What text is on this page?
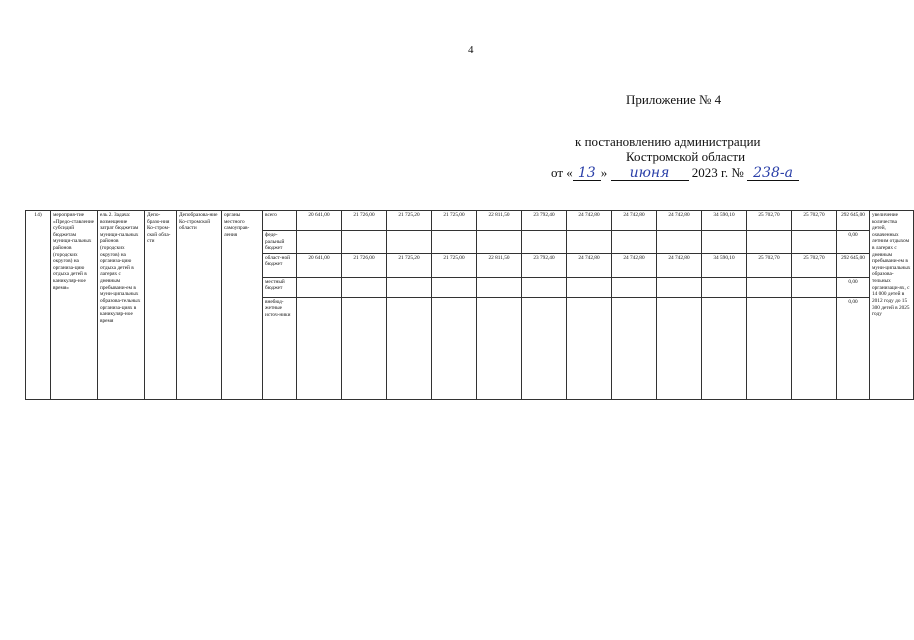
4
Приложение № 4
к постановлению администрации
Костромской области
от « 13 » июня 2023 г. № 238-а
14)	мероприя-тие «Предо-ставление субсидий бюджетам муници-пальных районов (городских округов) на организа-цию отдыха детей в каникуляр-ное время»	ель 2. Задача: возмещение затрат бюджетам муници-пальных районов (городских округов) на организа-цию отдыха детей в лагерях с дневным пребывани-ем в муни-ципальных образова-тельных организа-циях в каникуляр-ное время	Депо-бразо-ния Ко-стром-ской обла-сти	Депобразова-ние Ко-стромской области	органы местного самоуправ-ления	всего	20 641,00	21 726,00	21 725,20	21 725,00	22 811,50	23 792,40	24 742,80	24 742,80	24 742,80	34 590,10	25 702,70	25 702,70	292 645,00	увеличение количества детей, охваченных летним отдыхом в лагерях с дневным пребывани-ем в муни-ципальных образова-тельных организаци-ях, с 14 000 детей в 2012 году до 15 300 детей в 2025 году
						феде-ральный бюджет													0,00	
						област-ной бюджет	20 641,00	21 726,00	21 725,20	21 725,00	22 811,50	23 792,40	24 742,80	24 742,80	24 742,80	34 590,10	25 702,70	25 702,70	292 645,00	
						местный бюджет													0,00	
						внебюд-жетные источ-ники													0,00	
